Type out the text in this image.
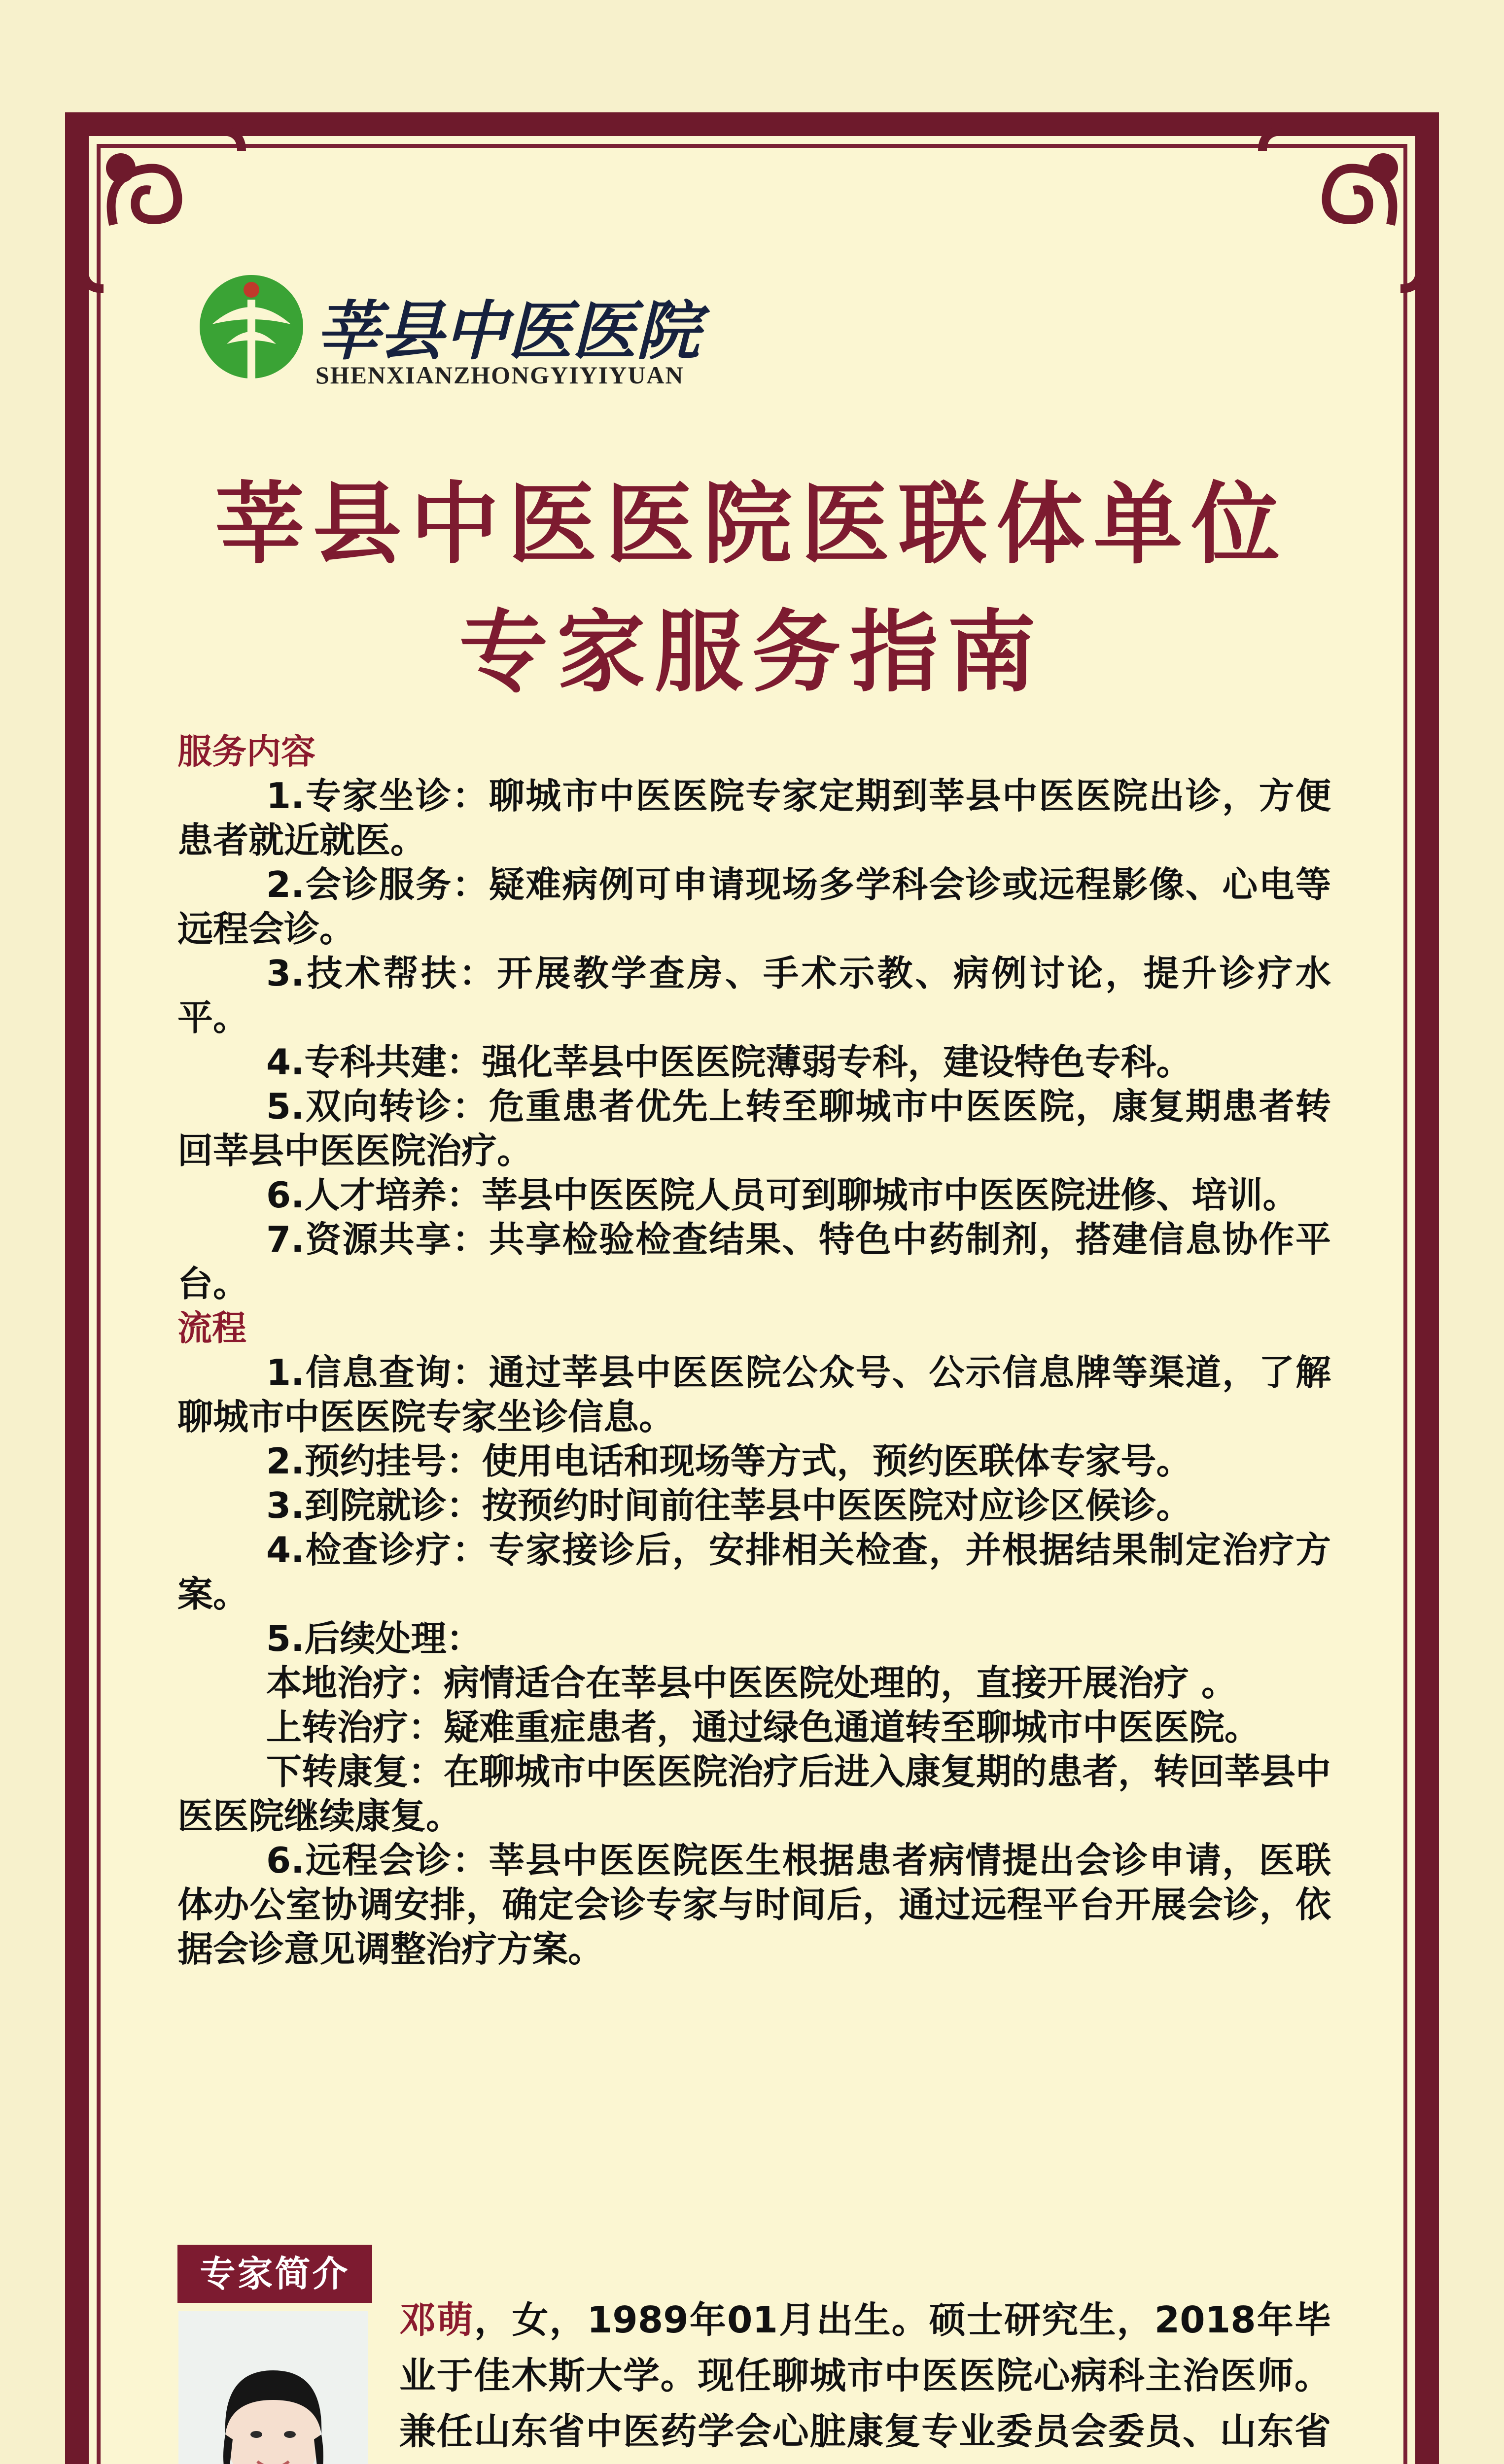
莘县中医医院
SHENXIANZHONGYIYIYUAN
莘县中医医院医联体单位
专家服务指南

服务内容

1.专家坐诊：聊城市中医医院专家定期到莘县中医医院出诊，方便患者就近就医。

2.会诊服务：疑难病例可申请现场多学科会诊或远程影像、心电等远程会诊。

3.技术帮扶：开展教学查房、手术示教、病例讨论，提升诊疗水平。

4.专科共建：强化莘县中医医院薄弱专科，建设特色专科。

5.双向转诊：危重患者优先上转至聊城市中医医院，康复期患者转回莘县中医医院治疗。

6.人才培养：莘县中医医院人员可到聊城市中医医院进修、培训。

7.资源共享：共享检验检查结果、特色中药制剂，搭建信息协作平台。

流程

1.信息查询：通过莘县中医医院公众号、公示信息牌等渠道，了解聊城市中医医院专家坐诊信息。

2.预约挂号：使用电话和现场等方式，预约医联体专家号。

3.到院就诊：按预约时间前往莘县中医医院对应诊区候诊。

4.检查诊疗：专家接诊后，安排相关检查，并根据结果制定治疗方案。

5.后续处理：

本地治疗：病情适合在莘县中医医院处理的，直接开展治疗 。

上转治疗：疑难重症患者，通过绿色通道转至聊城市中医医院。

下转康复：在聊城市中医医院治疗后进入康复期的患者，转回莘县中医医院继续康复。

6.远程会诊：莘县中医医院医生根据患者病情提出会诊申请，医联体办公室协调安排，确定会诊专家与时间后，通过远程平台开展会诊，依据会诊意见调整治疗方案。

专家简介
邓萌，女，1989年01月出生。硕士研究生，2018年毕业于佳木斯大学。现任聊城市中医医院心病科主治医师。兼任山东省中医药学会心脏康复专业委员会委员、山东省
